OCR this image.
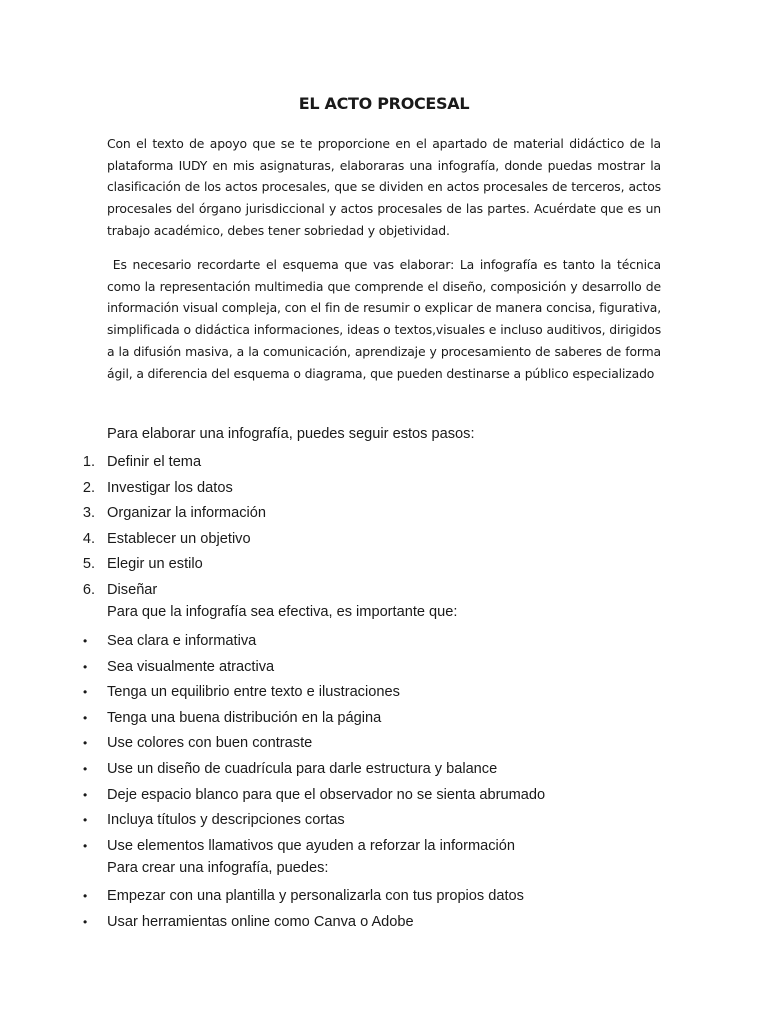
EL ACTO PROCESAL

Con el texto de apoyo que se te proporcione en el apartado de material didáctico de la plataforma IUDY en mis asignaturas, elaboraras una infografía, donde puedas mostrar la clasificación de los actos procesales, que se dividen en actos procesales de terceros, actos procesales del órgano jurisdiccional y actos procesales de las partes. Acuérdate que es un trabajo académico, debes tener sobriedad y objetividad.

Es necesario recordarte el esquema que vas elaborar: La infografía es tanto la técnica como la representación multimedia que comprende el diseño, composición y desarrollo de información visual compleja, con el fin de resumir o explicar de manera concisa, figurativa, simplificada o didáctica informaciones, ideas o textos,visuales e incluso auditivos, dirigidos a la difusión masiva, a la comunicación, aprendizaje y procesamiento de saberes de forma ágil, a diferencia del esquema o diagrama, que pueden destinarse a público especializado

Para elaborar una infografía, puedes seguir estos pasos:

1. Definir el tema
2. Investigar los datos
3. Organizar la información
4. Establecer un objetivo
5. Elegir un estilo
6. Diseñar

Para que la infografía sea efectiva, es importante que:

• Sea clara e informativa
• Sea visualmente atractiva
• Tenga un equilibrio entre texto e ilustraciones
• Tenga una buena distribución en la página
• Use colores con buen contraste
• Use un diseño de cuadrícula para darle estructura y balance
• Deje espacio blanco para que el observador no se sienta abrumado
• Incluya títulos y descripciones cortas
• Use elementos llamativos que ayuden a reforzar la información

Para crear una infografía, puedes:

• Empezar con una plantilla y personalizarla con tus propios datos
• Usar herramientas online como Canva o Adobe
